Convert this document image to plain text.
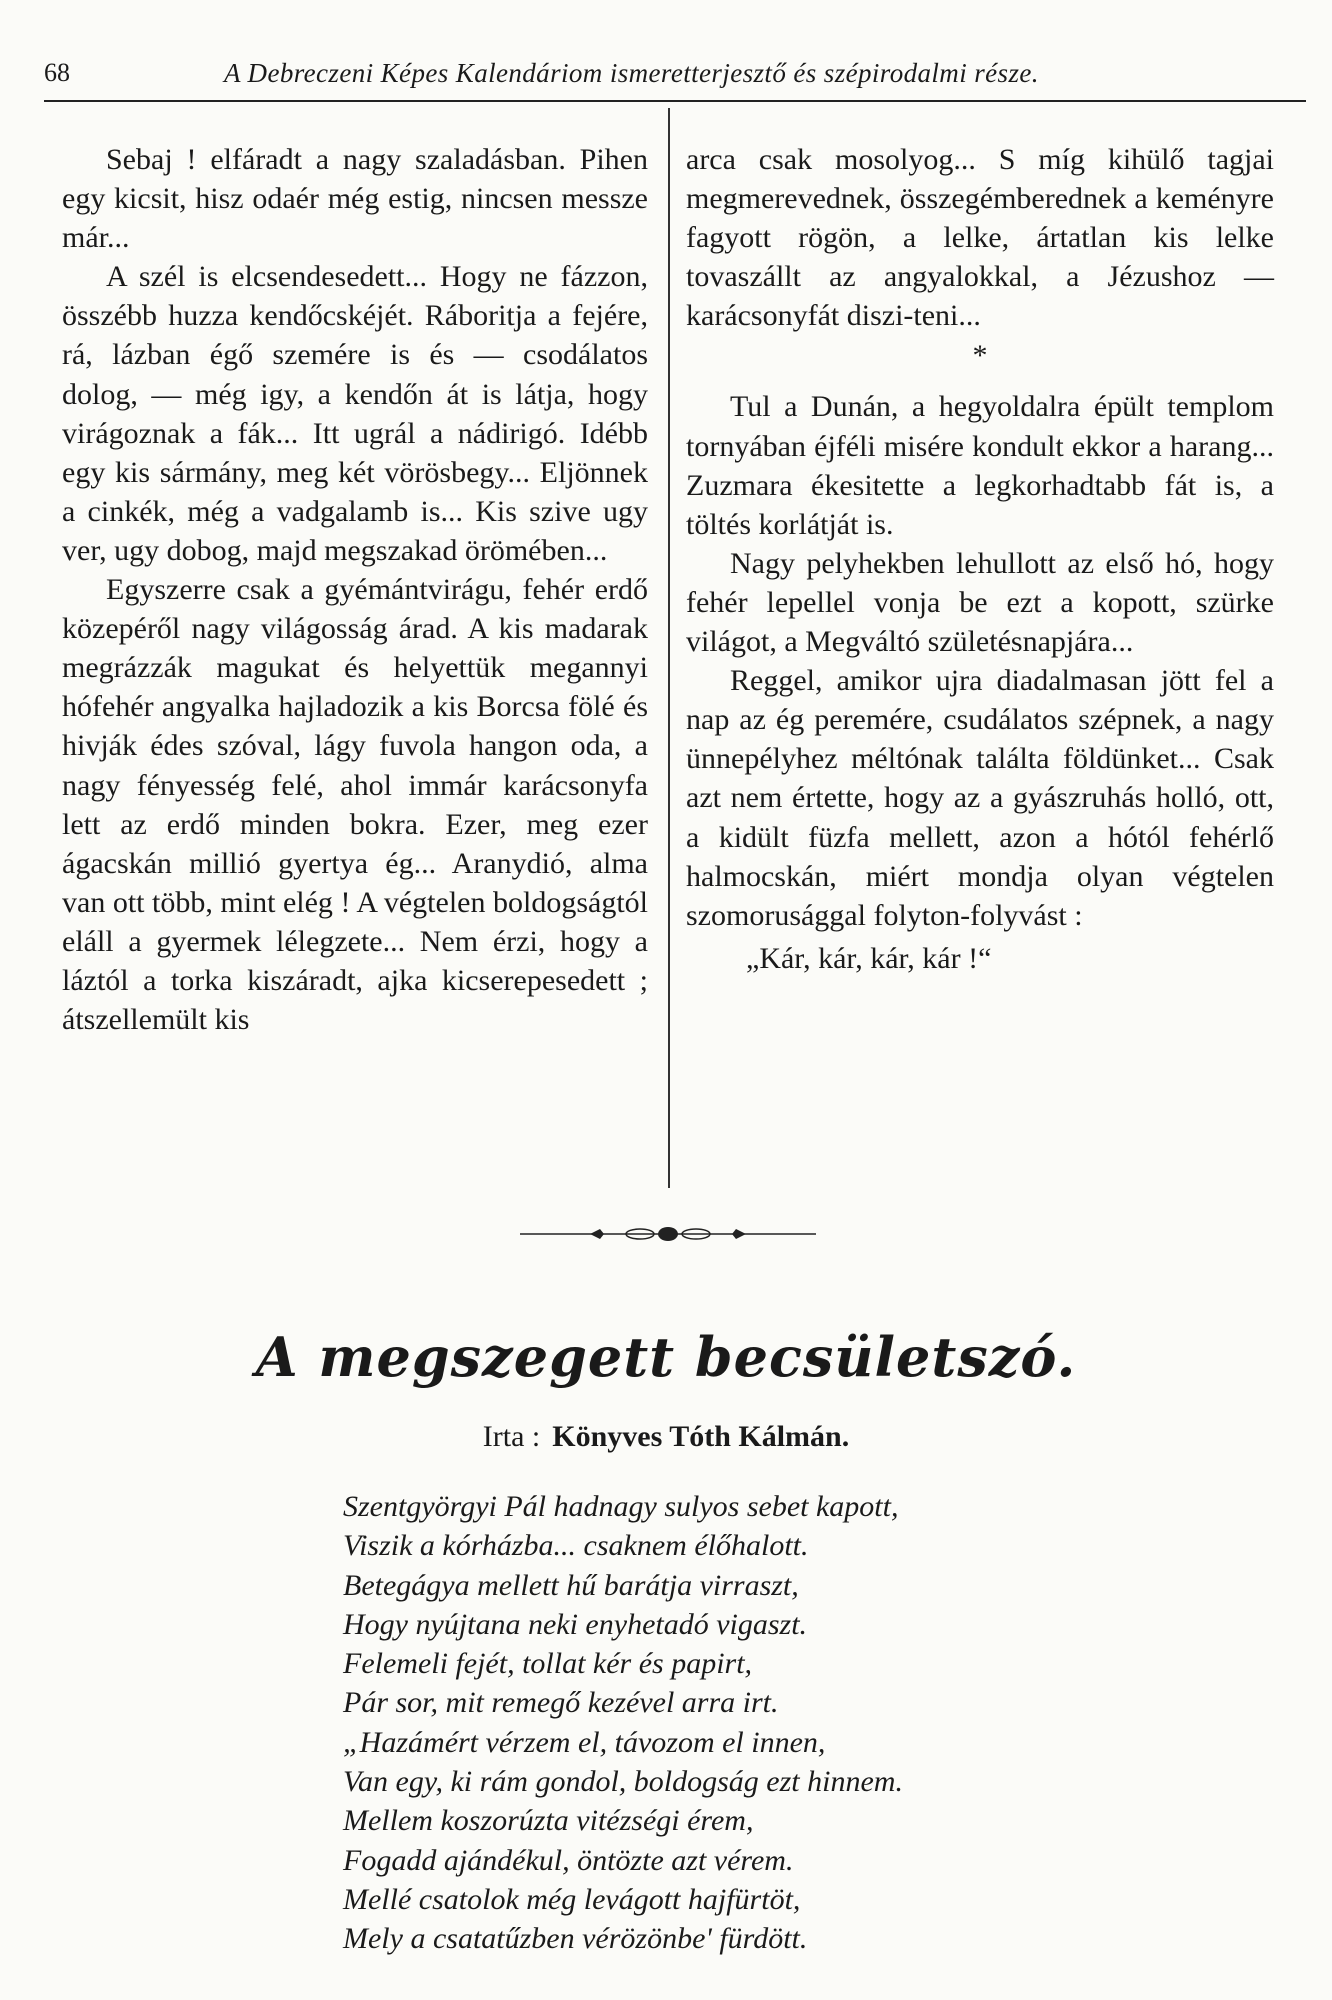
68	A Debreczeni Képes Kalendáriom ismeretterjesztő és szépirodalmi része.

Sebaj ! elfáradt a nagy szaladásban. Pihen egy kicsit, hisz odaér még estig, nincsen messze már...

A szél is elcsendesedett... Hogy ne fázzon, összébb huzza kendőcskéjét. Ráboritja a fejére, rá, lázban égő szemére is és — csodálatos dolog, — még igy, a kendőn át is látja, hogy virágoznak a fák... Itt ugrál a nádirigó. Idébb egy kis sármány, meg két vörösbegy... Eljönnek a cinkék, még a vadgalamb is... Kis szive ugy ver, ugy dobog, majd megszakad örömében...

Egyszerre csak a gyémántvirágu, fehér erdő közepéről nagy világosság árad. A kis madarak megrázzák magukat és helyettük megannyi hófehér angyalka hajladozik a kis Borcsa fölé és hivják édes szóval, lágy fuvola hangon oda, a nagy fényesség felé, ahol immár karácsonyfa lett az erdő minden bokra. Ezer, meg ezer ágacskán millió gyertya ég... Aranydió, alma van ott több, mint elég ! A végtelen boldogságtól eláll a gyermek lélegzete... Nem érzi, hogy a láztól a torka kiszáradt, ajka kicserepesedett ; átszellemült kis

arca csak mosolyog... S míg kihülő tagjai megmerevednek, összegémberednek a keményre fagyott rögön, a lelke, ártatlan kis lelke tovaszállt az angyalokkal, a Jézushoz — karácsonyfát diszi-teni...

*

Tul a Dunán, a hegyoldalra épült templom tornyában éjféli misére kondult ekkor a harang... Zuzmara ékesitette a legkorhadtabb fát is, a töltés korlátját is.

Nagy pelyhekben lehullott az első hó, hogy fehér lepellel vonja be ezt a kopott, szürke világot, a Megváltó születésnapjára...

Reggel, amikor ujra diadalmasan jött fel a nap az ég peremére, csudálatos szépnek, a nagy ünnepélyhez méltónak találta földünket... Csak azt nem értette, hogy az a gyászruhás holló, ott, a kidült füzfa mellett, azon a hótól fehérlő halmocskán, miért mondja olyan végtelen szomorusággal folyton-folyvást :

„Kár, kár, kár, kár !“

A megszegett becsületszó.
Irta : Könyves Tóth Kálmán.
Szentgyörgyi Pál hadnagy sulyos sebet kapott,
Viszik a kórházba... csaknem élőhalott.
Betegágya mellett hű barátja virraszt,
Hogy nyújtana neki enyhetadó vigaszt.
Felemeli fejét, tollat kér és papirt,
Pár sor, mit remegő kezével arra irt.
„Hazámért vérzem el, távozom el innen,
Van egy, ki rám gondol, boldogság ezt hinnem.
Mellem koszorúzta vitézségi érem,
Fogadd ajándékul, öntözte azt vérem.
Mellé csatolok még levágott hajfürtöt,
Mely a csatatűzben vérözönbe' fürdött.
